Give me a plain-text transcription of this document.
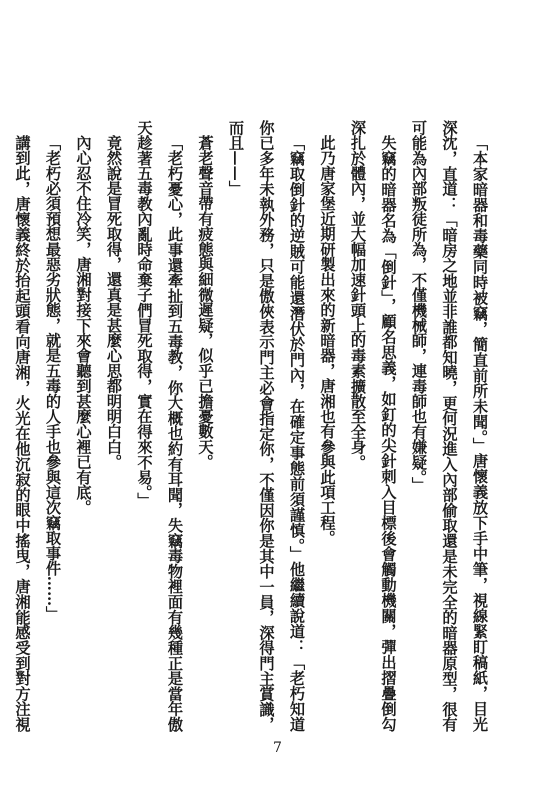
「本家暗器和毒藥同時被竊，簡直前所未聞。」唐懷義放下手中筆，視線緊盯稿紙，目光深沈，直道：「暗房之地並非誰都知曉，更何況進入內部偷取還是未完全的暗器原型，很有可能為內部叛徒所為，不僅機械師，連毒師也有嫌疑。」

失竊的暗器名為「倒針」，顧名思義，如釘的尖針刺入目標後會觸動機關，彈出摺疊倒勾深扎於體內，並大幅加速針頭上的毒素擴散至全身。

此乃唐家堡近期研製出來的新暗器，唐湘也有參與此項工程。

「竊取倒針的逆賊可能還潛伏於門內，在確定事態前須謹慎。」他繼續說道：「老朽知道你已多年未執外務，只是傲俠表示門主必會指定你，不僅因你是其中一員，深得門主賞識，而且——」

蒼老聲音帶有疲態與細微遲疑，似乎已擔憂數天。

「老朽憂心，此事還牽扯到五毒教，你大概也約有耳聞，失竊毒物裡面有幾種正是當年傲天趁著五毒教內亂時命棄子們冒死取得，實在得來不易。」

竟然說是冒死取得，還真是甚麼心思都明明白白。

內心忍不住冷笑，唐湘對接下來會聽到甚麼心裡已有底。

「老朽必須預想最惡劣狀態，就是五毒的人手也參與這次竊取事件……」

講到此，唐懷義終於抬起頭看向唐湘，火光在他沉寂的眼中搖曳，唐湘能感受到對方注視

7
